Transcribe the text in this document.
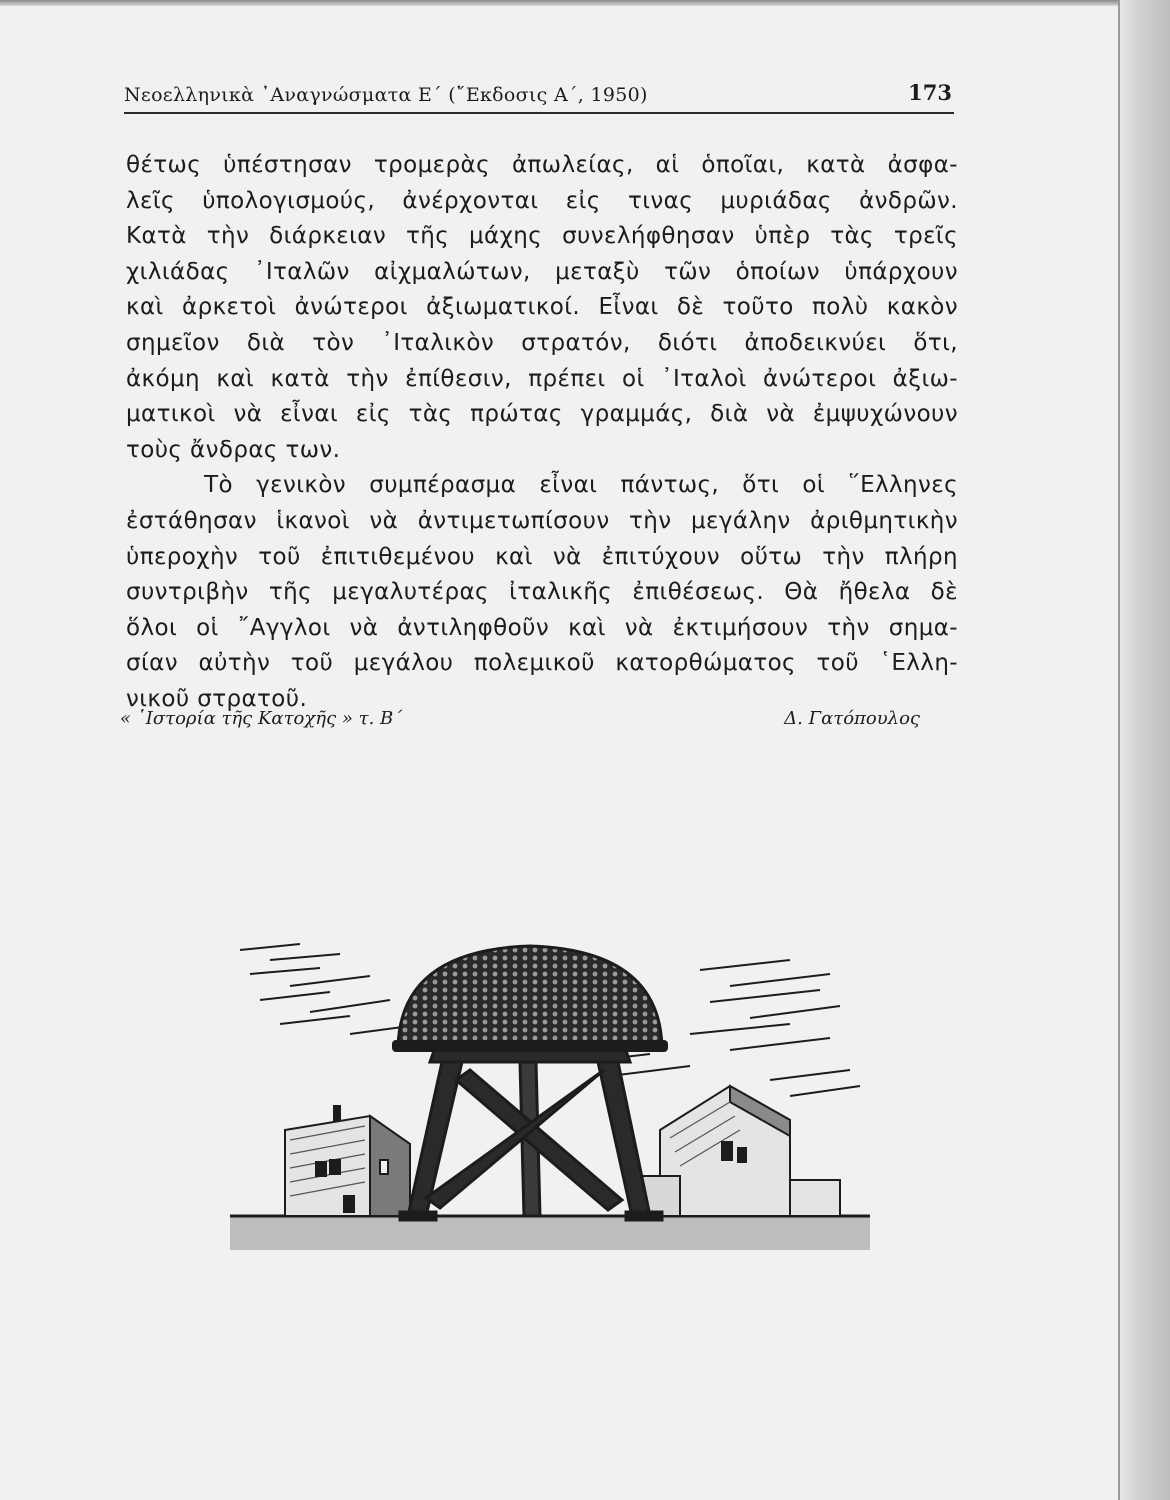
Νεοελληνικὰ ᾿Αναγνώσματα Ε΄ (῎Εκδοσις Α΄, 1950)	173
θέτως ὑπέστησαν τρομερὰς ἀπωλείας, αἱ ὁποῖαι, κατὰ ἀσφα-
λεῖς ὑπολογισμούς, ἀνέρχονται εἰς τινας μυριάδας ἀνδρῶν.
Κατὰ τὴν διάρκειαν τῆς μάχης συνελήφθησαν ὑπὲρ τὰς τρεῖς
χιλιάδας ᾿Ιταλῶν αἰχμαλώτων, μεταξὺ τῶν ὁποίων ὑπάρχουν
καὶ ἀρκετοὶ ἀνώτεροι ἀξιωματικοί. Εἶναι δὲ τοῦτο πολὺ κακὸν
σημεῖον διὰ τὸν ᾿Ιταλικὸν στρατόν, διότι ἀποδεικνύει ὅτι,
ἀκόμη καὶ κατὰ τὴν ἐπίθεσιν, πρέπει οἱ ᾿Ιταλοὶ ἀνώτεροι ἀξιω-
ματικοὶ νὰ εἶναι εἰς τὰς πρώτας γραμμάς, διὰ νὰ ἐμψυχώνουν
τοὺς ἄνδρας των.
Τὸ γενικὸν συμπέρασμα εἶναι πάντως, ὅτι οἱ ῞Ελληνες
ἐστάθησαν ἱκανοὶ νὰ ἀντιμετωπίσουν τὴν μεγάλην ἀριθμητικὴν
ὑπεροχὴν τοῦ ἐπιτιθεμένου καὶ νὰ ἐπιτύχουν οὕτω τὴν πλήρη
συντριβὴν τῆς μεγαλυτέρας ἰταλικῆς ἐπιθέσεως. Θὰ ἤθελα δὲ
ὅλοι οἱ ῎Αγγλοι νὰ ἀντιληφθοῦν καὶ νὰ ἐκτιμήσουν τὴν σημα-
σίαν αὐτὴν τοῦ μεγάλου πολεμικοῦ κατορθώματος τοῦ ῾Ελλη-
νικοῦ στρατοῦ.
« ῾Ιστορία τῆς Κατοχῆς » τ. Β΄	Δ. Γατόπουλος
